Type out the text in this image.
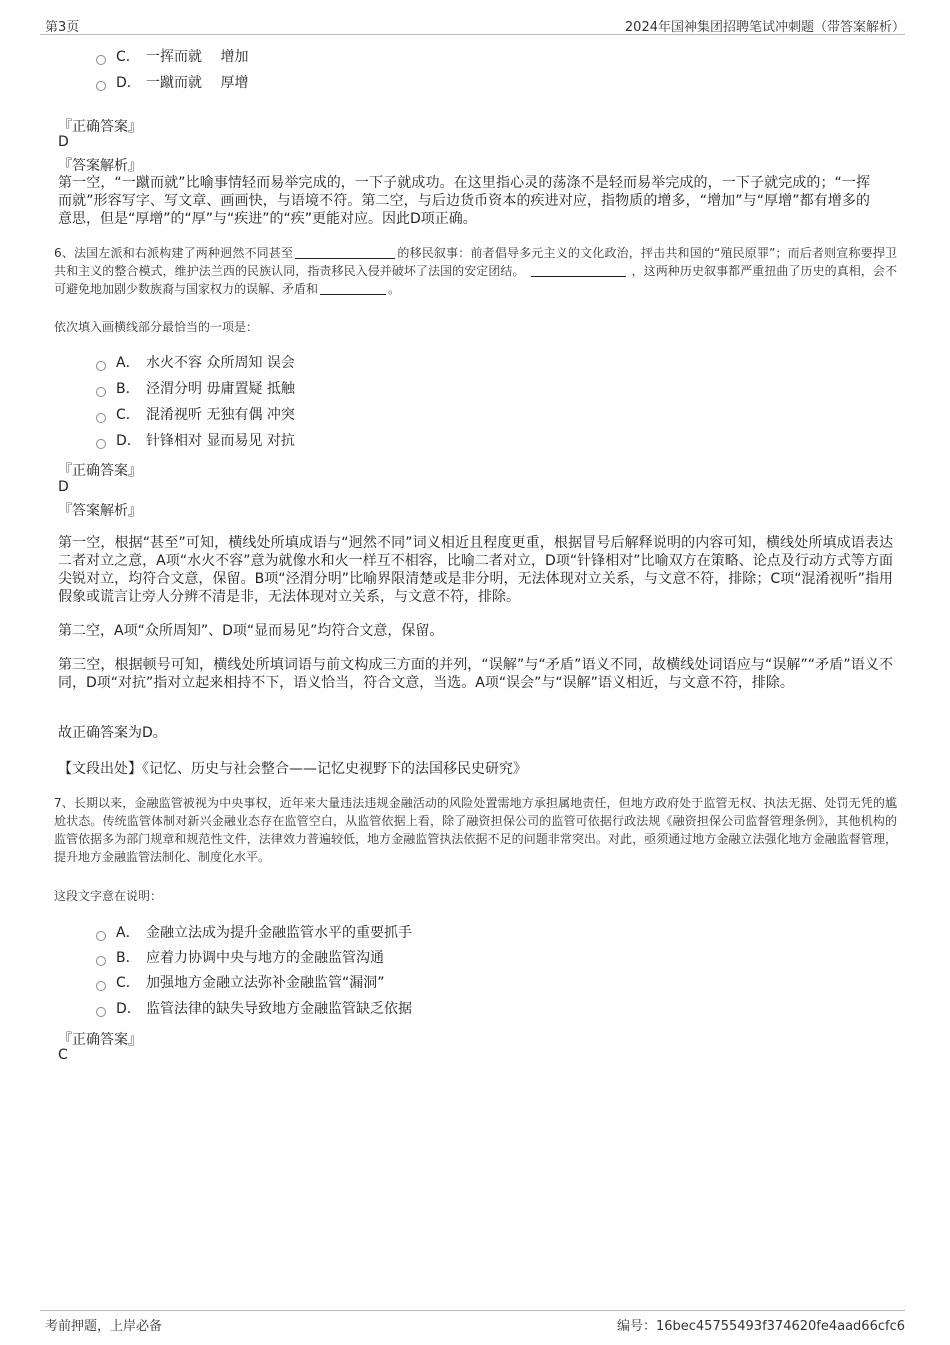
第3页	2024年国神集团招聘笔试冲刺题（带答案解析）
C． 一挥而就　 增加
D． 一蹴而就　 厚增
『正确答案』
D
『答案解析』
第一空，“一蹴而就”比喻事情轻而易举完成的，一下子就成功。在这里指心灵的荡涤不是轻而易举完成的，一下子就完成的；“一挥而就”形容写字、写文章、画画快，与语境不符。第二空，与后边货币资本的疾进对应，指物质的增多，“增加”与“厚增”都有增多的意思，但是“厚增”的“厚”与“疾进”的“疾”更能对应。因此D项正确。
6、法国左派和右派构建了两种迥然不同甚至	的移民叙事：前者倡导多元主义的文化政治，抨击共和国的“殖民原罪”；而后者则宣称要捍卫共和主义的整合模式，维护法兰西的民族认同，指责移民入侵并破坏了法国的安定团结。	，这两种历史叙事都严重扭曲了历史的真相，会不可避免地加剧少数族裔与国家权力的误解、矛盾和	。
依次填入画横线部分最恰当的一项是：
A． 水火不容 众所周知 误会
B． 泾渭分明 毋庸置疑 抵触
C． 混淆视听 无独有偶 冲突
D． 针锋相对 显而易见 对抗
『正确答案』
D
『答案解析』
第一空，根据“甚至”可知，横线处所填成语与“迥然不同”词义相近且程度更重，根据冒号后解释说明的内容可知，横线处所填成语表达二者对立之意，A项“水火不容”意为就像水和火一样互不相容，比喻二者对立，D项“针锋相对”比喻双方在策略、论点及行动方式等方面尖锐对立，均符合文意，保留。B项“泾渭分明”比喻界限清楚或是非分明，无法体现对立关系，与文意不符，排除；C项“混淆视听”指用假象或谎言让旁人分辨不清是非，无法体现对立关系，与文意不符，排除。
第二空，A项“众所周知”、D项“显而易见”均符合文意，保留。
第三空，根据顿号可知，横线处所填词语与前文构成三方面的并列，“误解”与“矛盾”语义不同，故横线处词语应与“误解”“矛盾”语义不同，D项“对抗”指对立起来相持不下，语义恰当，符合文意，当选。A项“误会”与“误解”语义相近，与文意不符，排除。
故正确答案为D。
【文段出处】《记忆、历史与社会整合——记忆史视野下的法国移民史研究》
7、长期以来，金融监管被视为中央事权，近年来大量违法违规金融活动的风险处置需地方承担属地责任，但地方政府处于监管无权、执法无据、处罚无凭的尴尬状态。传统监管体制对新兴金融业态存在监管空白，从监管依据上看，除了融资担保公司的监管可依据行政法规《融资担保公司监督管理条例》，其他机构的监管依据多为部门规章和规范性文件，法律效力普遍较低，地方金融监管执法依据不足的问题非常突出。对此，亟须通过地方金融立法强化地方金融监督管理，提升地方金融监管法制化、制度化水平。
这段文字意在说明：
A． 金融立法成为提升金融监管水平的重要抓手
B． 应着力协调中央与地方的金融监管沟通
C． 加强地方金融立法弥补金融监管“漏洞”
D． 监管法律的缺失导致地方金融监管缺乏依据
『正确答案』
C
考前押题，上岸必备	编号：16bec45755493f374620fe4aad66cfc6
